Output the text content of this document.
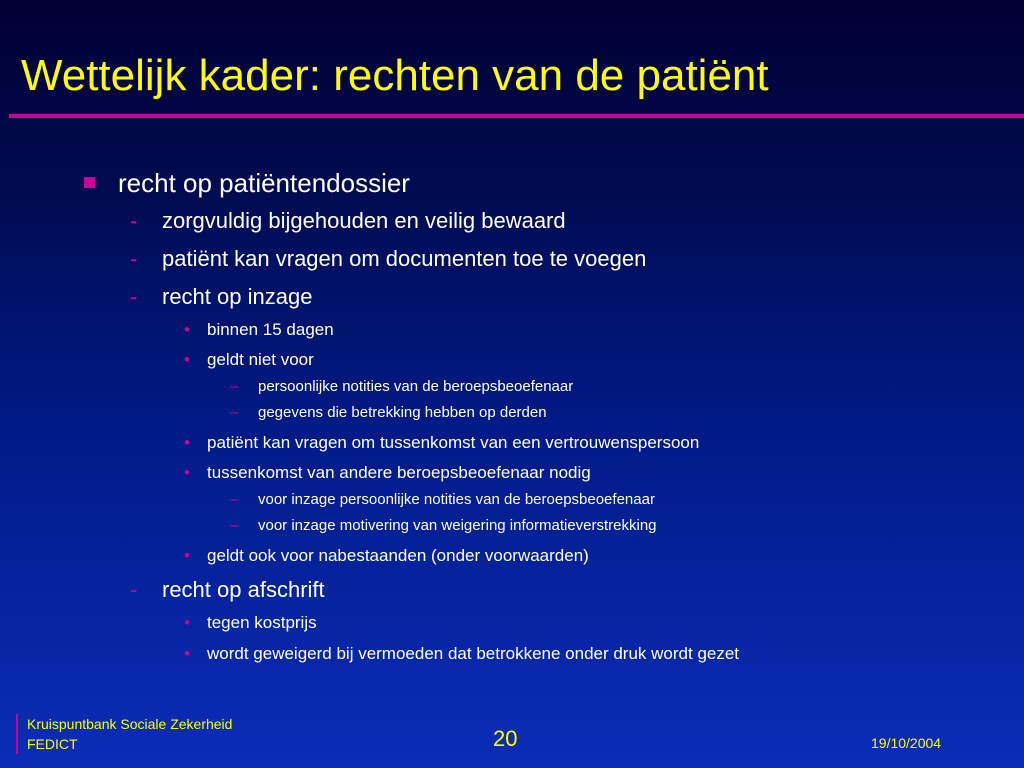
Wettelijk kader: rechten van de patiënt
recht op patiëntendossier
- zorgvuldig bijgehouden en veilig bewaard
- patiënt kan vragen om documenten toe te voegen
- recht op inzage
• binnen 15 dagen
• geldt niet voor
– persoonlijke notities van de beroepsbeoefenaar
– gegevens die betrekking hebben op derden
• patiënt kan vragen om tussenkomst van een vertrouwenspersoon
• tussenkomst van andere beroepsbeoefenaar nodig
– voor inzage persoonlijke notities van de beroepsbeoefenaar
– voor inzage motivering van weigering informatieverstrekking
• geldt ook voor nabestaanden (onder voorwaarden)
- recht op afschrift
• tegen kostprijs
• wordt geweigerd bij vermoeden dat betrokkene onder druk wordt gezet
Kruispuntbank Sociale Zekerheid
FEDICT	20	19/10/2004
